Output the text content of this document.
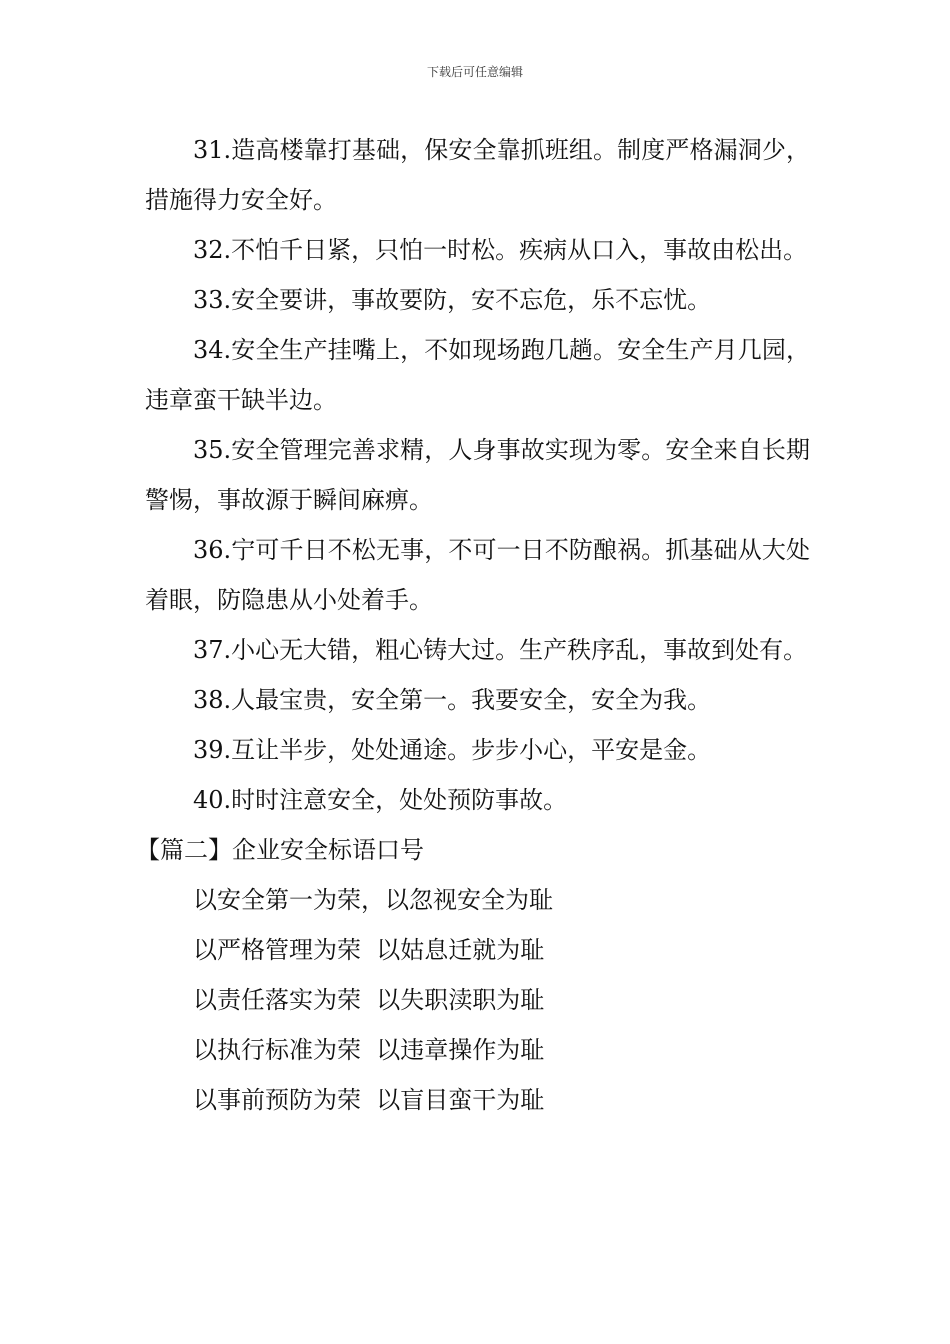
下载后可任意编辑

31.造高楼靠打基础，保安全靠抓班组。制度严格漏洞少，措施得力安全好。

32.不怕千日紧，只怕一时松。疾病从口入，事故由松出。

33.安全要讲，事故要防，安不忘危，乐不忘忧。

34.安全生产挂嘴上，不如现场跑几趟。安全生产月几园，违章蛮干缺半边。

35.安全管理完善求精，人身事故实现为零。安全来自长期警惕，事故源于瞬间麻痹。

36.宁可千日不松无事，不可一日不防酿祸。抓基础从大处着眼，防隐患从小处着手。

37.小心无大错，粗心铸大过。生产秩序乱，事故到处有。

38.人最宝贵，安全第一。我要安全，安全为我。

39.互让半步，处处通途。步步小心，平安是金。

40.时时注意安全，处处预防事故。

【篇二】企业安全标语口号

以安全第一为荣，以忽视安全为耻

以严格管理为荣  以姑息迁就为耻

以责任落实为荣  以失职渎职为耻

以执行标准为荣  以违章操作为耻

以事前预防为荣  以盲目蛮干为耻
